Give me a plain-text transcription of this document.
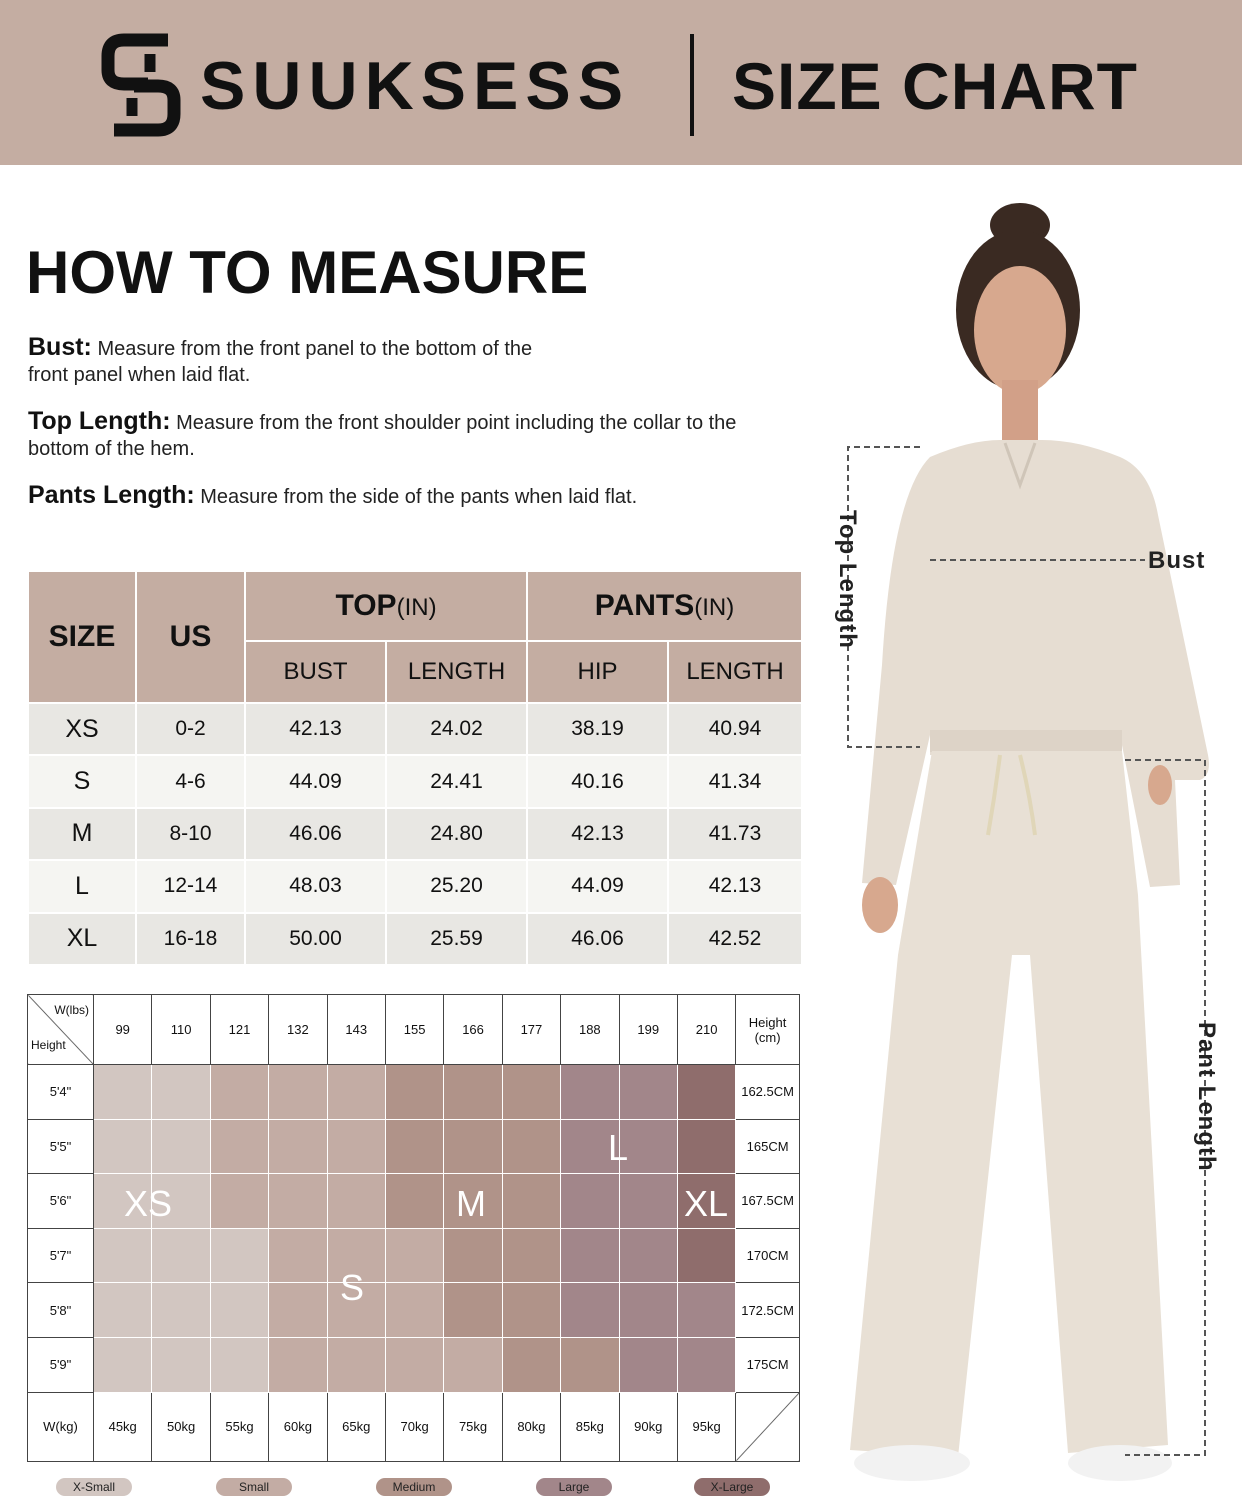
SUUKSESS SIZE CHART
HOW TO MEASURE
Bust: Measure from the front panel to the bottom of the front panel when laid flat.
Top Length: Measure from the front shoulder point including the collar to the bottom of the hem.
Pants Length: Measure from the side of the pants when laid flat.
SIZE	US	TOP(IN)		PANTS(IN)	
		BUST	LENGTH	HIP	LENGTH
XS	0-2	42.13	24.02	38.19	40.94
S	4-6	44.09	24.41	40.16	41.34
M	8-10	46.06	24.80	42.13	41.73
L	12-14	48.03	25.20	44.09	42.13
XL	16-18	50.00	25.59	46.06	42.52
W(lbs)
Height	99	110	121	132	143	155	166	177	188	199	210	Height (cm)
5'4"												162.5CM
5'5"												165CM
5'6"												167.5CM
5'7"												170CM
5'8"												172.5CM
5'9"												175CM
W(kg)	45kg	50kg	55kg	60kg	65kg	70kg	75kg	80kg	85kg	90kg	95kg	
XS
S
M
L
XL
X-Small	Small	Medium	Large	X-Large
Bust
Top Length
Pant Length
